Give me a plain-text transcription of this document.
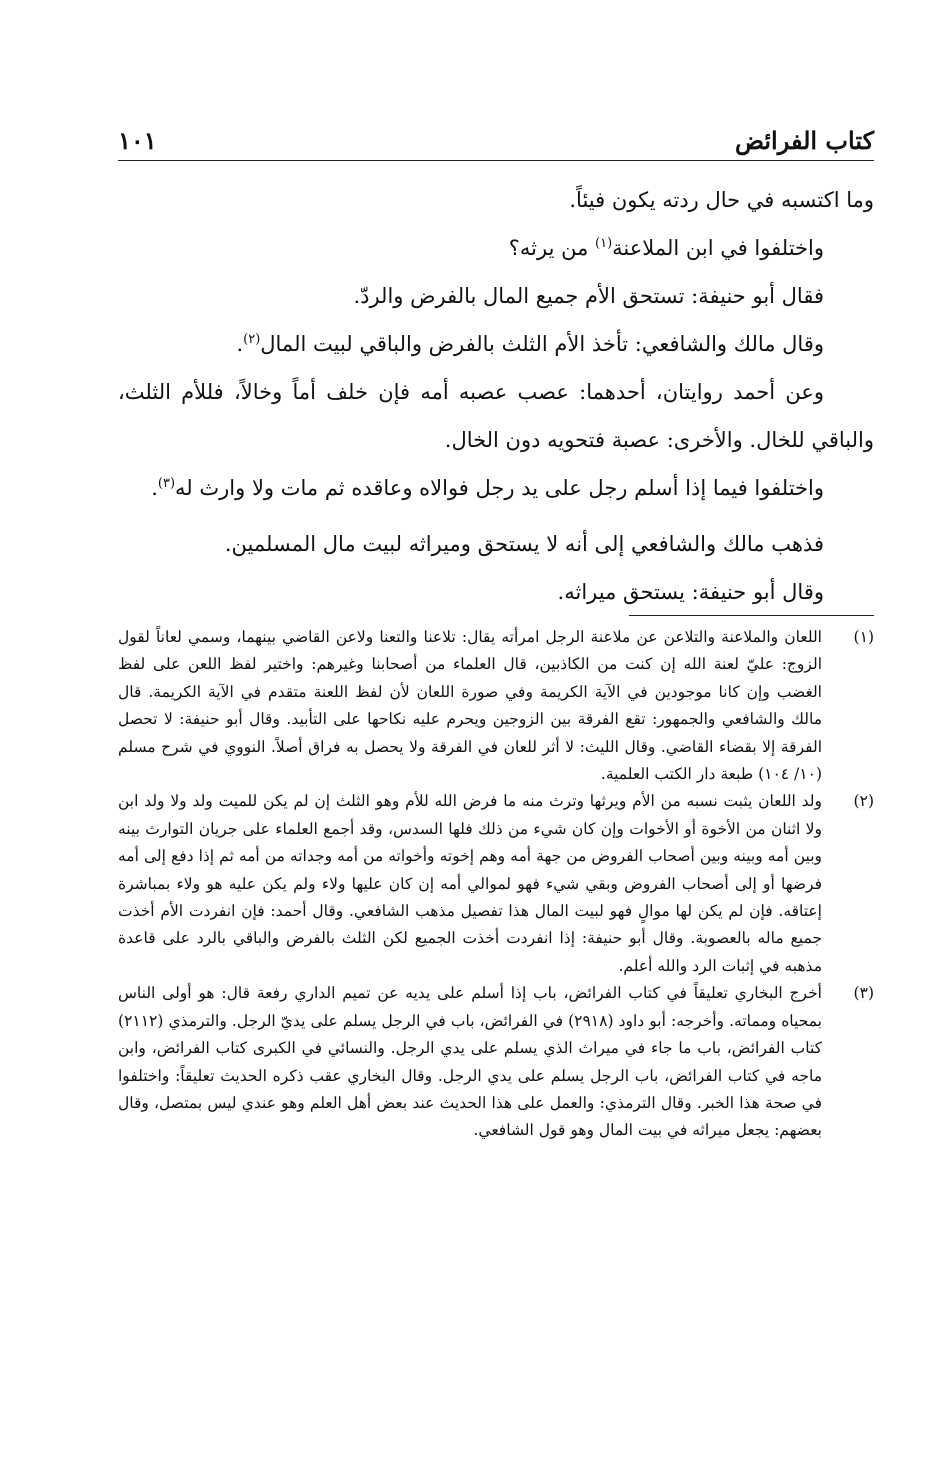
كتاب الفرائض
١٠١

وما اكتسبه في حال ردته يكون فيئاً.

واختلفوا في ابن الملاعنة$^{(١)}$ من يرثه؟

فقال أبو حنيفة: تستحق الأم جميع المال بالفرض والردّ.

وقال مالك والشافعي: تأخذ الأم الثلث بالفرض والباقي لبيت المال$^{(٢)}$.

وعن أحمد روايتان، أحدهما: عصب عصبه أمه فإن خلف أماً وخالاً، فللأم الثلث، والباقي للخال. والأخرى: عصبة فتحويه دون الخال.

واختلفوا فيما إذا أسلم رجل على يد رجل فوالاه وعاقده ثم مات ولا وارث له$^{(٣)}$.

فذهب مالك والشافعي إلى أنه لا يستحق وميراثه لبيت مال المسلمين.

وقال أبو حنيفة: يستحق ميراثه.

(١)
اللعان والملاعنة والتلاعن عن ملاعنة الرجل امرأته يقال: تلاعنا والتعنا ولاعن القاضي بينهما، وسمي لعاناً لقول الزوج: عليّ لعنة الله إن كنت من الكاذبين، قال العلماء من أصحابنا وغيرهم: واختير لفظ اللعن على لفظ الغضب وإن كانا موجودين في الآية الكريمة وفي صورة اللعان لأن لفظ اللعنة متقدم في الآية الكريمة. قال مالك والشافعي والجمهور: تقع الفرقة بين الزوجين ويحرم عليه نكاحها على التأبيد. وقال أبو حنيفة: لا تحصل الفرقة إلا بقضاء القاضي. وقال الليث: لا أثر للعان في الفرقة ولا يحصل به فراق أصلاً. النووي في شرح مسلم (١٠/ ١٠٤) طبعة دار الكتب العلمية.
(٢)
ولد اللعان يثبت نسبه من الأم ويرثها وترث منه ما فرض الله للأم وهو الثلث إن لم يكن للميت ولد ولا ولد ابن ولا اثنان من الأخوة أو الأخوات وإن كان شيء من ذلك فلها السدس، وقد أجمع العلماء على جريان التوارث بينه وبين أمه وبينه وبين أصحاب الفروض من جهة أمه وهم إخوته وأخواته من أمه وجداته من أمه ثم إذا دفع إلى أمه فرضها أو إلى أصحاب الفروض وبقي شيء فهو لموالي أمه إن كان عليها ولاء ولم يكن عليه هو ولاء بمباشرة إعتاقه. فإن لم يكن لها موالٍ فهو لبيت المال هذا تفصيل مذهب الشافعي. وقال أحمد: فإن انفردت الأم أخذت جميع ماله بالعصوبة. وقال أبو حنيفة: إذا انفردت أخذت الجميع لكن الثلث بالفرض والباقي بالرد على قاعدة مذهبه في إثبات الرد والله أعلم.
(٣)
أخرج البخاري تعليقاً في كتاب الفرائض، باب إذا أسلم على يديه عن تميم الداري رفعة قال: هو أولى الناس بمحياه ومماته. وأخرجه: أبو داود (٢٩١٨) في الفرائض، باب في الرجل يسلم على يديّ الرجل. والترمذي (٢١١٢) كتاب الفرائض، باب ما جاء في ميراث الذي يسلم على يدي الرجل. والنسائي في الكبرى كتاب الفرائض، وابن ماجه في كتاب الفرائض، باب الرجل يسلم على يدي الرجل. وقال البخاري عقب ذكره الحديث تعليقاً: واختلفوا في صحة هذا الخبر. وقال الترمذي: والعمل على هذا الحديث عند بعض أهل العلم وهو عندي ليس بمتصل، وقال بعضهم: يجعل ميراثه في بيت المال وهو قول الشافعي.
